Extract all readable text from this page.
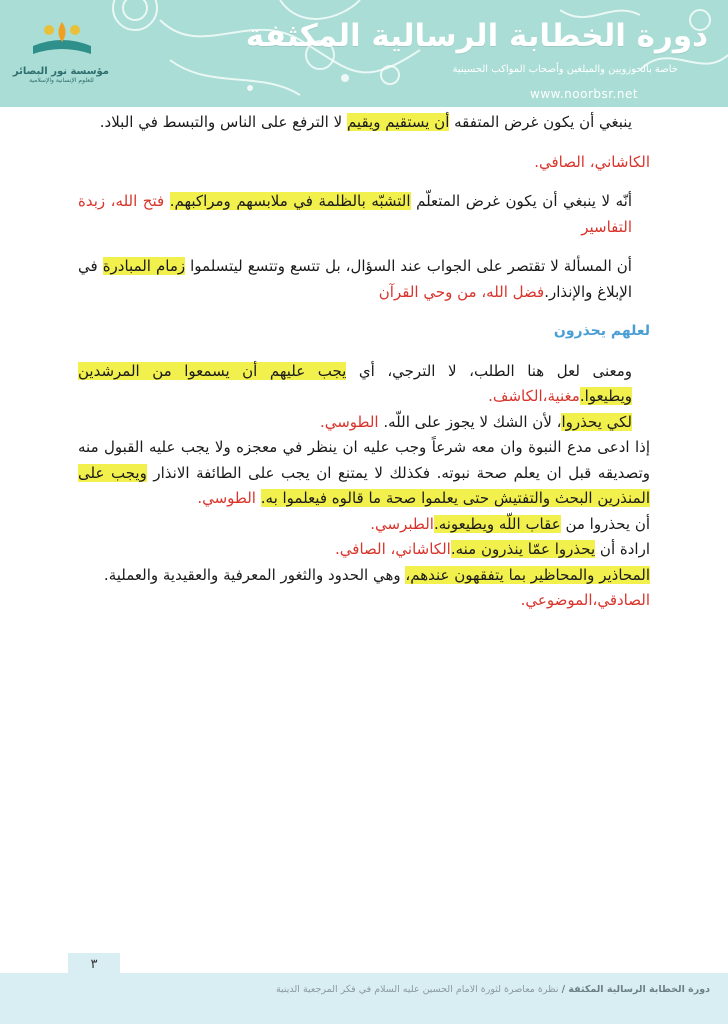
دورة الخطابة الرسالية المكثفة
خاصة بالحوزويين والمبلغين وأصحاب المواكب الحسينية
www.noorbsr.net
مؤسسة نور البصائر
للعلوم الإنسانية والإسلامية

ينبغي أن يكون غرض المتفقه أن يستقيم ويقيم لا الترفع على الناس والتبسط في البلاد.

الكاشاني، الصافي.

أنّه لا ينبغي أن يكون غرض المتعلّم التشبّه بالظلمة في ملابسهم ومراكبهم. فتح الله، زبدة التفاسير

أن المسألة لا تقتصر على الجواب عند السؤال، بل تتسع وتتسع ليتسلموا زمام المبادرة في الإبلاغ والإنذار.فضل الله، من وحي القرآن

لعلهم يحذرون

ومعنى لعل هنا الطلب، لا الترجي، أي يجب عليهم أن يسمعوا من المرشدين ويطيعوا.مغنية،الكاشف.

لكي يحذروا، لأن الشك لا يجوز على اللّه. الطوسي.

إذا ادعى مدع النبوة وان معه شرعاً وجب عليه ان ينظر في معجزه ولا يجب عليه القبول منه وتصديقه قبل ان يعلم صحة نبوته. فكذلك لا يمتنع ان يجب على الطائفة الانذار ويجب على المنذرين البحث والتفتيش حتى يعلموا صحة ما قالوه فيعلموا به. الطوسي.

أن يحذروا من عقاب اللّه ويطيعونه.الطبرسي.

ارادة أن يحذروا عمّا ينذرون منه.الكاشاني، الصافي.

المحاذير والمحاظير بما يتفقهون عندهم، وهي الحدود والثغور المعرفية والعقيدية والعملية.

الصادقي،الموضوعي.

٣
دورة الخطابة الرسالية المكثفة / نظرة معاصرة لثورة الامام الحسين عليه السلام في فكر المرجعية الدينية
